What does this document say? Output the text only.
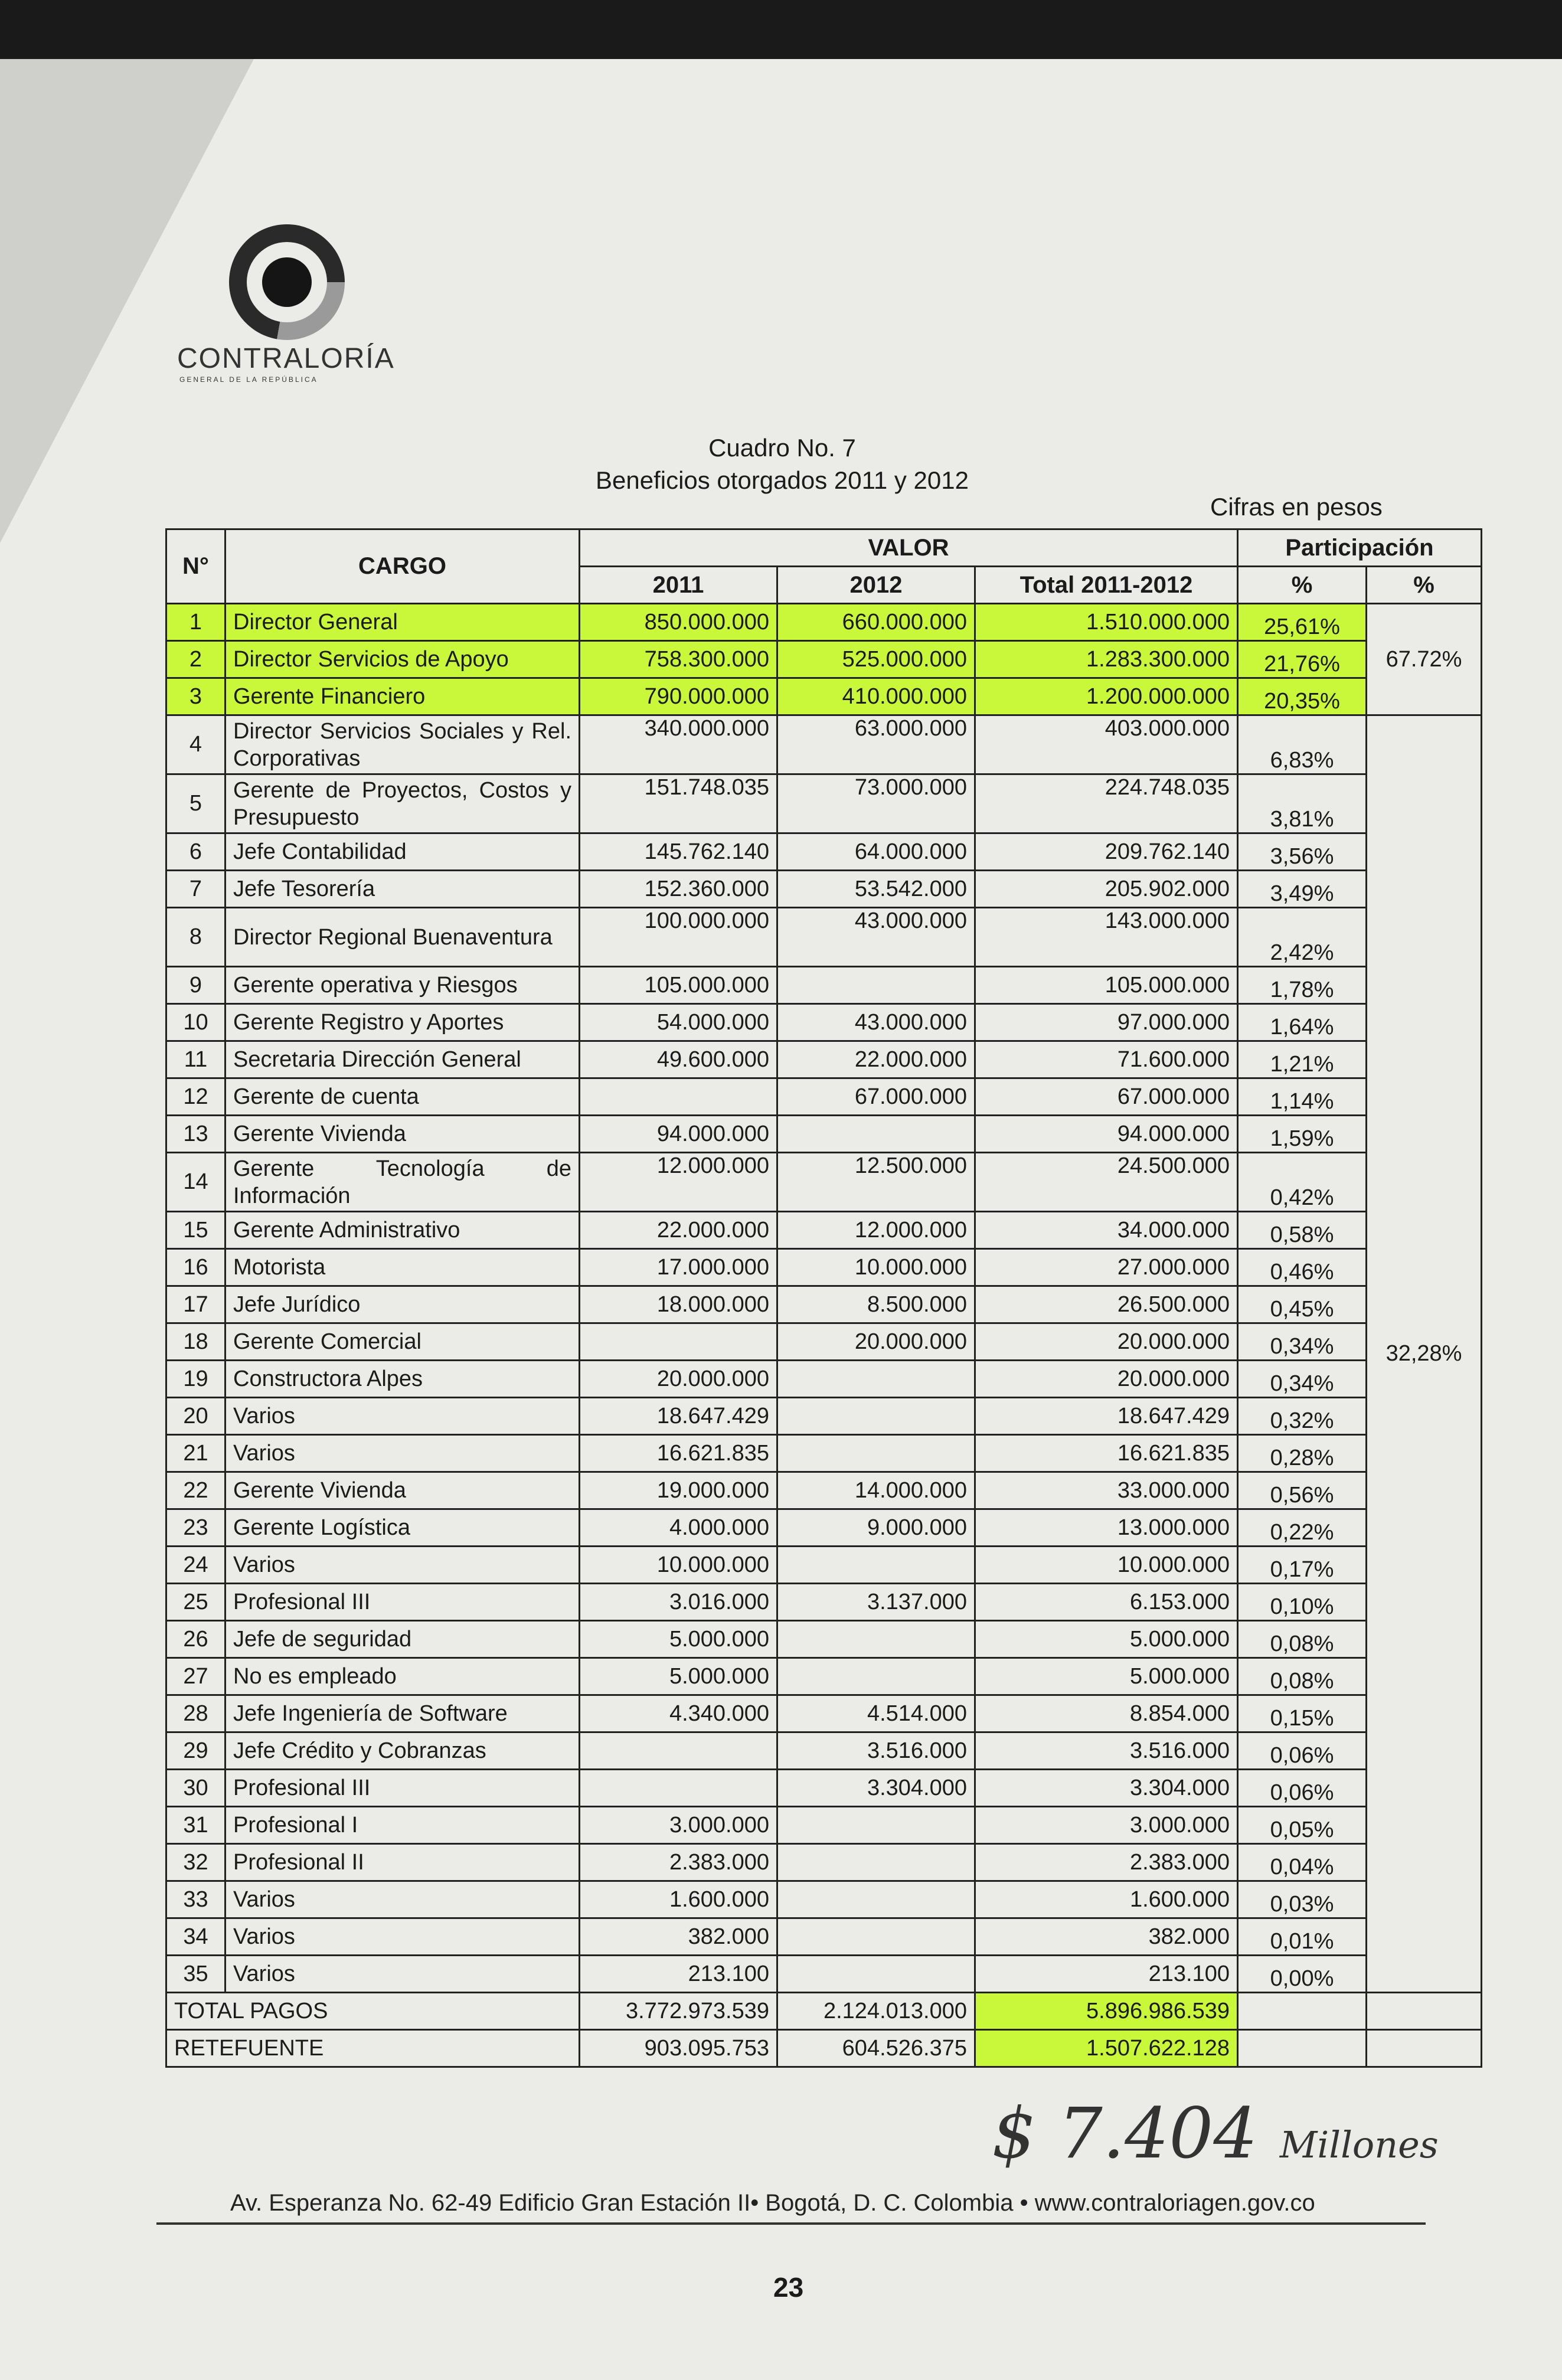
CONTRALORÍA
GENERAL DE LA REPÚBLICA
Cuadro No. 7
Beneficios otorgados 2011 y 2012
Cifras en pesos
N°	CARGO	VALOR			Participación	
		2011	2012	Total 2011-2012	%	%
1	Director General	850.000.000	660.000.000	1.510.000.000	25,61%	67.72%
2	Director Servicios de Apoyo	758.300.000	525.000.000	1.283.300.000	21,76%	
3	Gerente Financiero	790.000.000	410.000.000	1.200.000.000	20,35%	
4	Director Servicios Sociales y Rel. Corporativas	340.000.000	63.000.000	403.000.000	6,83%	32,28%
5	Gerente de Proyectos, Costos y Presupuesto	151.748.035	73.000.000	224.748.035	3,81%	
6	Jefe Contabilidad	145.762.140	64.000.000	209.762.140	3,56%	
7	Jefe Tesorería	152.360.000	53.542.000	205.902.000	3,49%	
8	Director Regional Buenaventura	100.000.000	43.000.000	143.000.000	2,42%	
9	Gerente operativa y Riesgos	105.000.000		105.000.000	1,78%	
10	Gerente Registro y Aportes	54.000.000	43.000.000	97.000.000	1,64%	
11	Secretaria Dirección General	49.600.000	22.000.000	71.600.000	1,21%	
12	Gerente de cuenta		67.000.000	67.000.000	1,14%	
13	Gerente Vivienda	94.000.000		94.000.000	1,59%	
14	Gerente Tecnología de Información	12.000.000	12.500.000	24.500.000	0,42%	
15	Gerente Administrativo	22.000.000	12.000.000	34.000.000	0,58%	
16	Motorista	17.000.000	10.000.000	27.000.000	0,46%	
17	Jefe Jurídico	18.000.000	8.500.000	26.500.000	0,45%	
18	Gerente Comercial		20.000.000	20.000.000	0,34%	
19	Constructora Alpes	20.000.000		20.000.000	0,34%	
20	Varios	18.647.429		18.647.429	0,32%	
21	Varios	16.621.835		16.621.835	0,28%	
22	Gerente Vivienda	19.000.000	14.000.000	33.000.000	0,56%	
23	Gerente Logística	4.000.000	9.000.000	13.000.000	0,22%	
24	Varios	10.000.000		10.000.000	0,17%	
25	Profesional III	3.016.000	3.137.000	6.153.000	0,10%	
26	Jefe de seguridad	5.000.000		5.000.000	0,08%	
27	No es empleado	5.000.000		5.000.000	0,08%	
28	Jefe Ingeniería de Software	4.340.000	4.514.000	8.854.000	0,15%	
29	Jefe Crédito y Cobranzas		3.516.000	3.516.000	0,06%	
30	Profesional III		3.304.000	3.304.000	0,06%	
31	Profesional I	3.000.000		3.000.000	0,05%	
32	Profesional II	2.383.000		2.383.000	0,04%	
33	Varios	1.600.000		1.600.000	0,03%	
34	Varios	382.000		382.000	0,01%	
35	Varios	213.100		213.100	0,00%	
TOTAL PAGOS		3.772.973.539	2.124.013.000	5.896.986.539		
RETEFUENTE		903.095.753	604.526.375	1.507.622.128		
$ 7.404 Millones
Av. Esperanza No. 62-49 Edificio Gran Estación II• Bogotá, D. C. Colombia • www.contraloriagen.gov.co
23
